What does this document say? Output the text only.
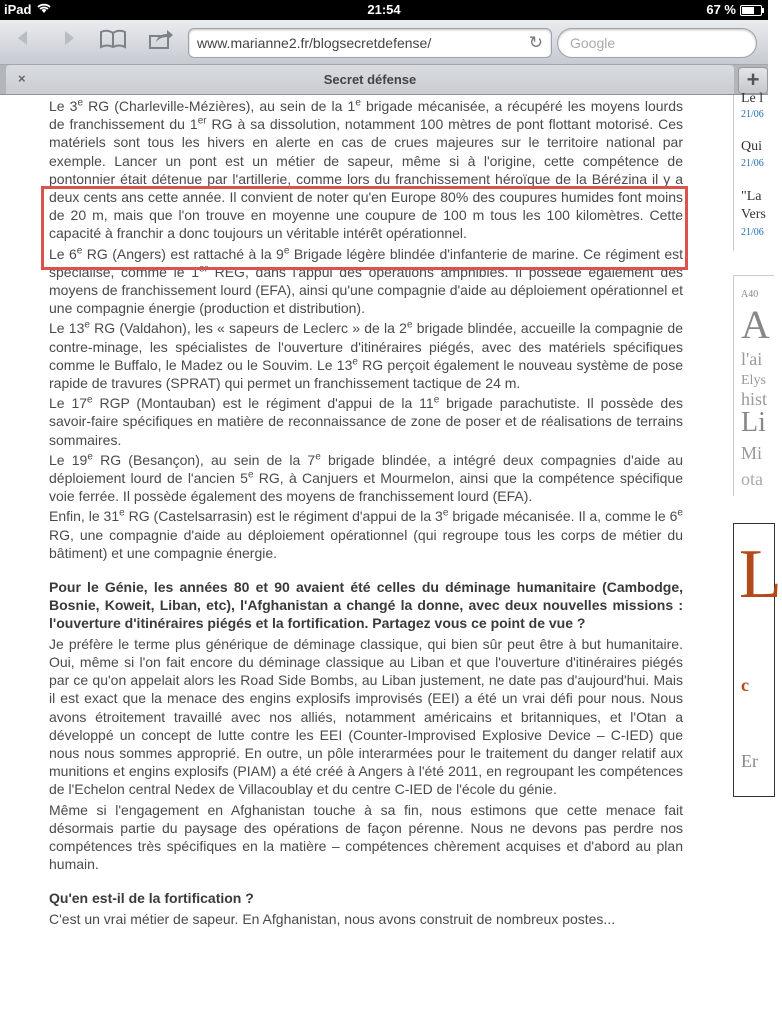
iPad	21:54	67 %
www.marianne2.fr/blogsecretdefense/	↻
Google
×	Secret défense	+

Le 3e RG (Charleville-Mézières), au sein de la 1e brigade mécanisée, a récupéré les moyens lourds de franchissement du 1er RG à sa dissolution, notamment 100 mètres de pont flottant motorisé. Ces matériels sont tous les hivers en alerte en cas de crues majeures sur le territoire national par exemple. Lancer un pont est un métier de sapeur, même si à l'origine, cette compétence de pontonnier était détenue par l'artillerie, comme lors du franchissement héroïque de la Bérézina il y a deux cents ans cette année. Il convient de noter qu'en Europe 80% des coupures humides font moins de 20 m, mais que l'on trouve en moyenne une coupure de 100 m tous les 100 kilomètres. Cette capacité à franchir a donc toujours un véritable intérêt opérationnel.

Le 6e RG (Angers) est rattaché à la 9e Brigade légère blindée d'infanterie de marine. Ce régiment est spécialisé, comme le 1er REG, dans l'appui des opérations amphibies. Il possède également des moyens de franchissement lourd (EFA), ainsi qu'une compagnie d'aide au déploiement opérationnel et une compagnie énergie (production et distribution).

Le 13e RG (Valdahon), les « sapeurs de Leclerc » de la 2e brigade blindée, accueille la compagnie de contre-minage, les spécialistes de l'ouverture d'itinéraires piégés, avec des matériels spécifiques comme le Buffalo, le Madez ou le Souvim. Le 13e RG perçoit également le nouveau système de pose rapide de travures (SPRAT) qui permet un franchissement tactique de 24 m.

Le 17e RGP (Montauban) est le régiment d'appui de la 11e brigade parachutiste. Il possède des savoir-faire spécifiques en matière de reconnaissance de zone de poser et de réalisations de terrains sommaires.

Le 19e RG (Besançon), au sein de la 7e brigade blindée, a intégré deux compagnies d'aide au déploiement lourd de l'ancien 5e RG, à Canjuers et Mourmelon, ainsi que la compétence spécifique voie ferrée. Il possède également des moyens de franchissement lourd (EFA).

Enfin, le 31e RG (Castelsarrasin) est le régiment d'appui de la 3e brigade mécanisée. Il a, comme le 6e RG, une compagnie d'aide au déploiement opérationnel (qui regroupe tous les corps de métier du bâtiment) et une compagnie énergie.

Pour le Génie, les années 80 et 90 avaient été celles du déminage humanitaire (Cambodge, Bosnie, Koweit, Liban, etc), l'Afghanistan a changé la donne, avec deux nouvelles missions : l'ouverture d'itinéraires piégés et la fortification. Partagez vous ce point de vue ?

Je préfère le terme plus générique de déminage classique, qui bien sûr peut être à but humanitaire. Oui, même si l'on fait encore du déminage classique au Liban et que l'ouverture d'itinéraires piégés par ce qu'on appelait alors les Road Side Bombs, au Liban justement, ne date pas d'aujourd'hui. Mais il est exact que la menace des engins explosifs improvisés (EEI) a été un vrai défi pour nous. Nous avons étroitement travaillé avec nos alliés, notamment américains et britanniques, et l'Otan a développé un concept de lutte contre les EEI (Counter-Improvised Explosive Device – C-IED) que nous nous sommes approprié. En outre, un pôle interarmées pour le traitement du danger relatif aux munitions et engins explosifs (PIAM) a été créé à Angers à l'été 2011, en regroupant les compétences de l'Echelon central Nedex de Villacoublay et du centre C-IED de l'école du génie.

Même si l'engagement en Afghanistan touche à sa fin, nous estimons que cette menace fait désormais partie du paysage des opérations de façon pérenne. Nous ne devons pas perdre nos compétences très spécifiques en la matière – compétences chèrement acquises et d'abord au plan humain.

Qu'en est-il de la fortification ?

C'est un vrai métier de sapeur. En Afghanistan, nous avons construit de nombreux postes...

Le l
21/06
Qui
21/06
"La
Vers
21/06
A40
A
l'ai
Elys
hist
Li
Mi
ota
L
c
Er
